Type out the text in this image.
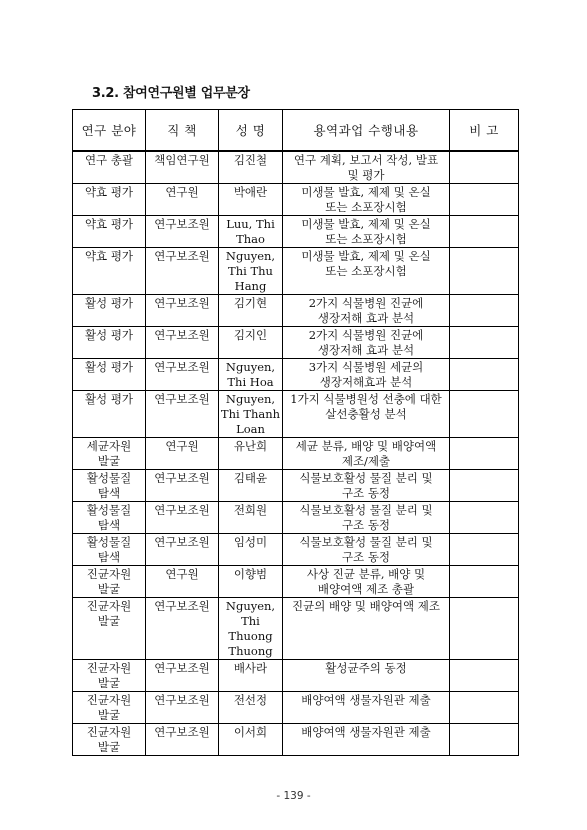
3.2. 참여연구원별 업무분장
연구 분야	직 책	성 명	용역과업 수행내용	비 고
연구 총괄	책임연구원	김진철	연구 계획, 보고서 작성, 발표
및 평가	
약효 평가	연구원	박애란	미생물 발효, 제제 및 온실
또는 소포장시험	
약효 평가	연구보조원	Luu, Thi Thao	미생물 발효, 제제 및 온실
또는 소포장시험	
약효 평가	연구보조원	Nguyen, Thi Thu Hang	미생물 발효, 제제 및 온실
또는 소포장시험	
활성 평가	연구보조원	김기현	2가지 식물병원 진균에
생장저해 효과 분석	
활성 평가	연구보조원	김지인	2가지 식물병원 진균에
생장저해 효과 분석	
활성 평가	연구보조원	Nguyen, Thi Hoa	3가지 식물병원 세균의
생장저해효과 분석	
활성 평가	연구보조원	Nguyen, Thi Thanh Loan	1가지 식물병원성 선충에 대한
살선충활성 분석	
세균자원
발굴	연구원	유난희	세균 분류, 배양 및 배양여액
제조/제출	
활성물질
탐색	연구보조원	김태윤	식물보호활성 물질 분리 및
구조 동정	
활성물질
탐색	연구보조원	전희원	식물보호활성 물질 분리 및
구조 동정	
활성물질
탐색	연구보조원	임성미	식물보호활성 물질 분리 및
구조 동정	
진균자원
발굴	연구원	이향범	사상 진균 분류, 배양 및
배양여액 제조 총괄	
진균자원
발굴	연구보조원	Nguyen, Thi Thuong Thuong	진균의 배양 및 배양여액 제조	
진균자원
발굴	연구보조원	배사라	활성균주의 동정	
진균자원
발굴	연구보조원	전선정	배양여액 생물자원관 제출	
진균자원
발굴	연구보조원	이서희	배양여액 생물자원관 제출	
- 139 -
